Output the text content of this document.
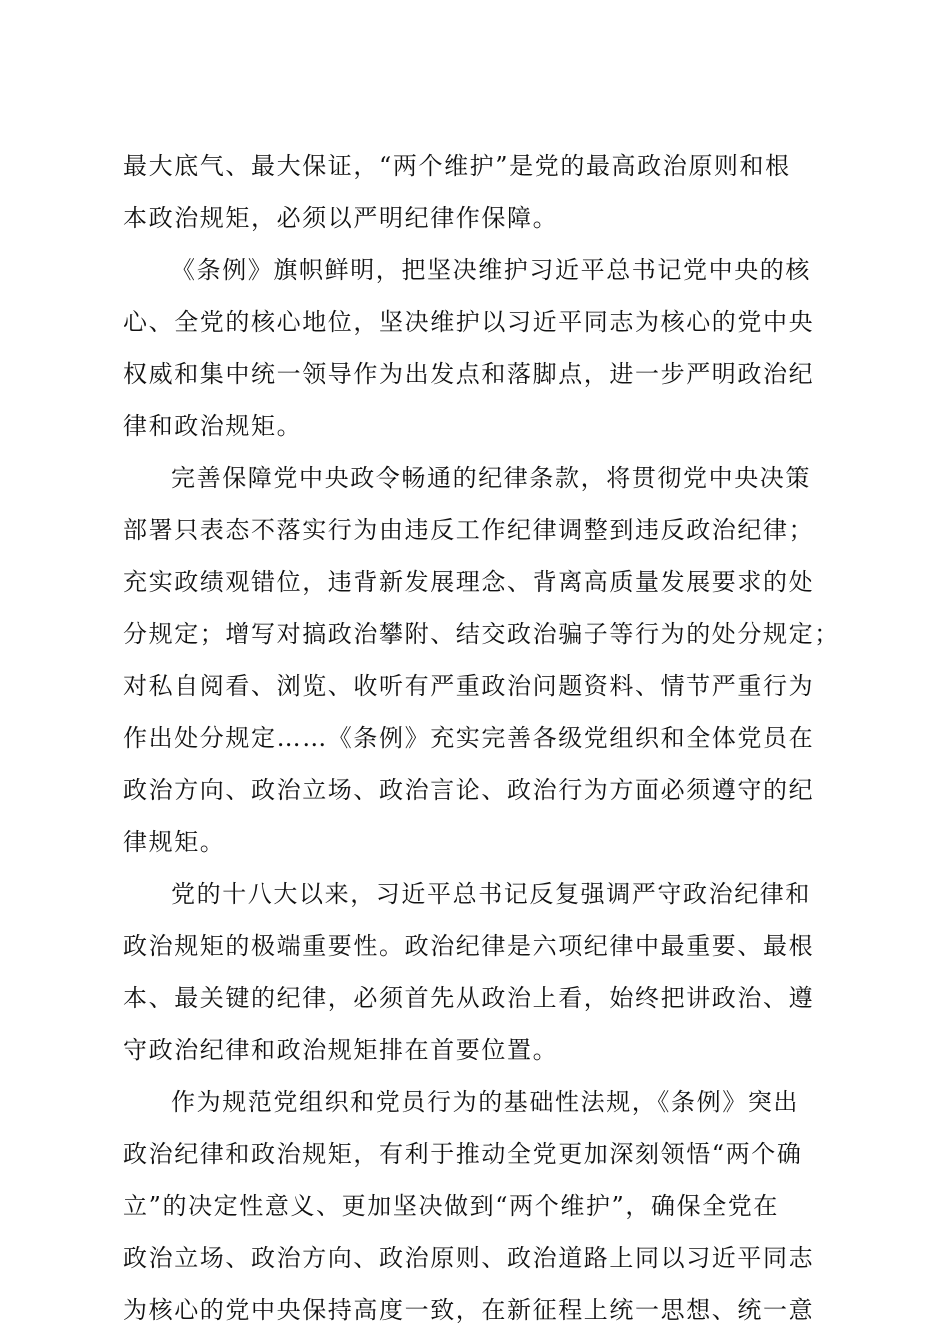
最大底气、最大保证，“两个维护”是党的最高政治原则和根
本政治规矩，必须以严明纪律作保障。
《条例》旗帜鲜明，把坚决维护习近平总书记党中央的核
心、全党的核心地位，坚决维护以习近平同志为核心的党中央
权威和集中统一领导作为出发点和落脚点，进一步严明政治纪
律和政治规矩。
完善保障党中央政令畅通的纪律条款，将贯彻党中央决策
部署只表态不落实行为由违反工作纪律调整到违反政治纪律；
充实政绩观错位，违背新发展理念、背离高质量发展要求的处
分规定；增写对搞政治攀附、结交政治骗子等行为的处分规定；
对私自阅看、浏览、收听有严重政治问题资料、情节严重行为
作出处分规定……《条例》充实完善各级党组织和全体党员在
政治方向、政治立场、政治言论、政治行为方面必须遵守的纪
律规矩。
党的十八大以来，习近平总书记反复强调严守政治纪律和
政治规矩的极端重要性。政治纪律是六项纪律中最重要、最根
本、最关键的纪律，必须首先从政治上看，始终把讲政治、遵
守政治纪律和政治规矩排在首要位置。
作为规范党组织和党员行为的基础性法规，《条例》突出
政治纪律和政治规矩，有利于推动全党更加深刻领悟“两个确
立”的决定性意义、更加坚决做到“两个维护”，确保全党在
政治立场、政治方向、政治原则、政治道路上同以习近平同志
为核心的党中央保持高度一致，在新征程上统一思想、统一意
